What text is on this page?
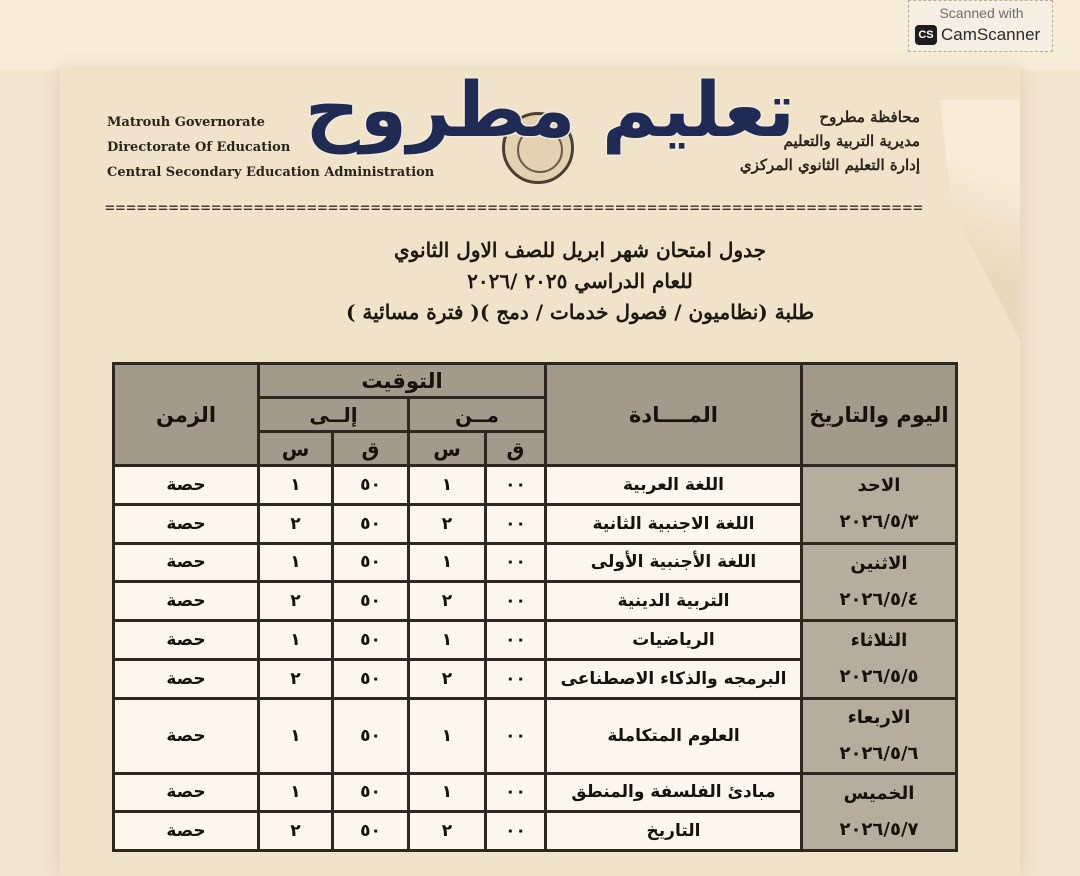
Scanned with
CS CamScanner
Matrouh Governorate
Directorate Of Education
Central Secondary Education Administration
محافظة مطروح
مديرية التربية والتعليم
إدارة التعليم الثانوي المركزي
تعليم مطروح
=============================================================================
جدول امتحان شهر ابريل للصف الاول الثانوي
للعام الدراسي ٢٠٢٥ /٢٠٢٦
طلبة (نظاميون / فصول خدمات / دمج )( فترة مسائية )
اليوم والتاريخ	المــــادة	التوقيت				الزمن
		مــن		إلــى		
		ق	س	ق	س	

الاحد
٢٠٢٦/٥/٣	اللغة العربية	٠٠	١	٥٠	١	حصة
	اللغة الاجنبية الثانية	٠٠	٢	٥٠	٢	حصة

الاثنين
٢٠٢٦/٥/٤	اللغة الأجنبية الأولى	٠٠	١	٥٠	١	حصة
	التربية الدينية	٠٠	٢	٥٠	٢	حصة

الثلاثاء
٢٠٢٦/٥/٥	الرياضيات	٠٠	١	٥٠	١	حصة
	البرمجه والذكاء الاصطناعى	٠٠	٢	٥٠	٢	حصة

الاربعاء
٢٠٢٦/٥/٦	العلوم المتكاملة	٠٠	١	٥٠	١	حصة

الخميس
٢٠٢٦/٥/٧	مبادئ الفلسفة والمنطق	٠٠	١	٥٠	١	حصة
	التاريخ	٠٠	٢	٥٠	٢	حصة
